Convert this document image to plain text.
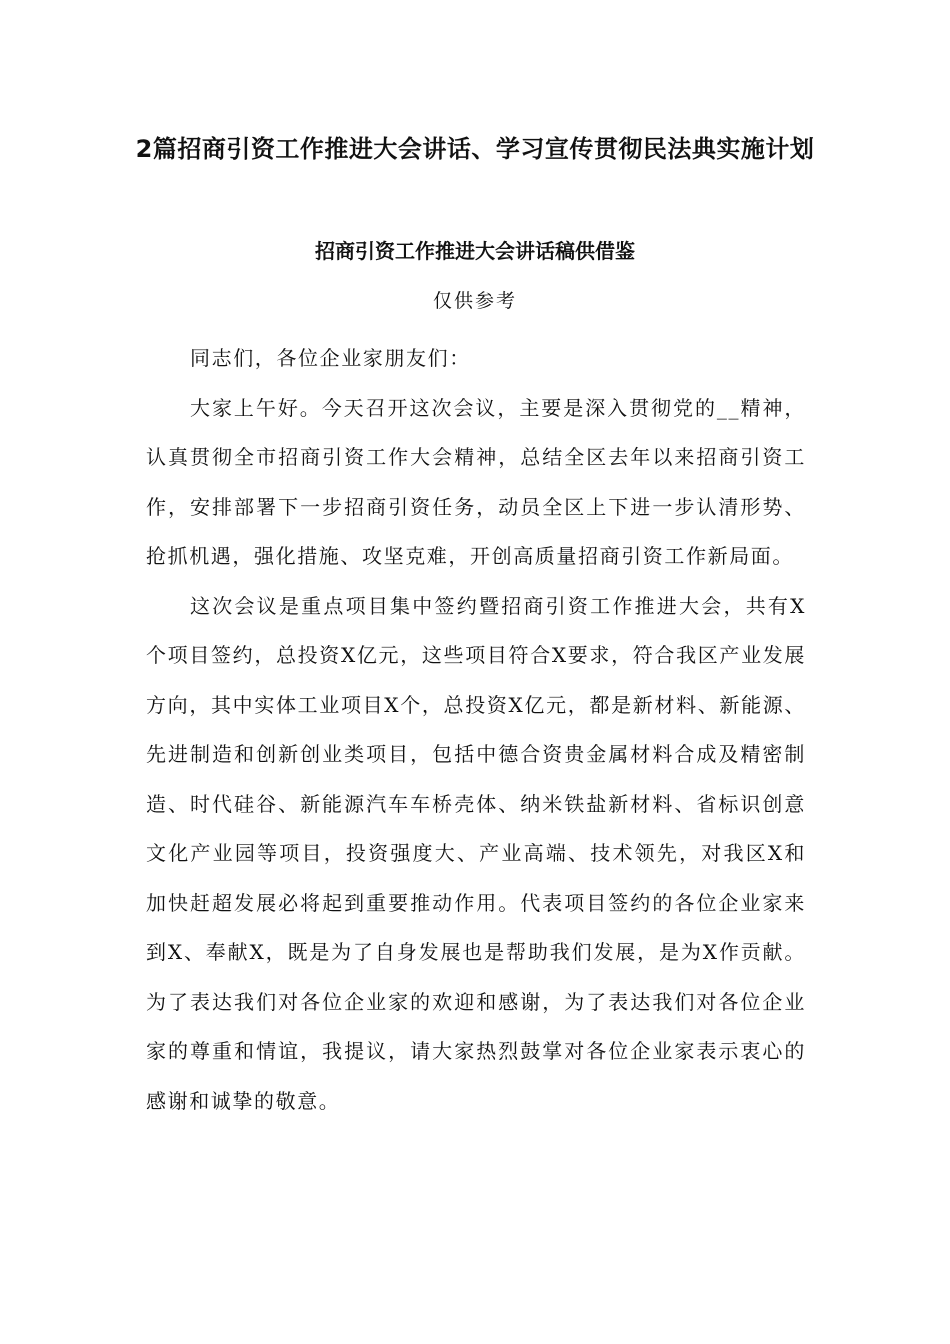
2篇招商引资工作推进大会讲话、学习宣传贯彻民法典实施计划
招商引资工作推进大会讲话稿供借鉴
仅供参考

同志们，各位企业家朋友们：

大家上午好。今天召开这次会议，主要是深入贯彻党的__精神，认真贯彻全市招商引资工作大会精神，总结全区去年以来招商引资工作，安排部署下一步招商引资任务，动员全区上下进一步认清形势、抢抓机遇，强化措施、攻坚克难，开创高质量招商引资工作新局面。

这次会议是重点项目集中签约暨招商引资工作推进大会，共有X个项目签约，总投资X亿元，这些项目符合X要求，符合我区产业发展方向，其中实体工业项目X个，总投资X亿元，都是新材料、新能源、先进制造和创新创业类项目，包括中德合资贵金属材料合成及精密制造、时代硅谷、新能源汽车车桥壳体、纳米铁盐新材料、省标识创意文化产业园等项目，投资强度大、产业高端、技术领先，对我区X和加快赶超发展必将起到重要推动作用。代表项目签约的各位企业家来到X、奉献X，既是为了自身发展也是帮助我们发展，是为X作贡献。为了表达我们对各位企业家的欢迎和感谢，为了表达我们对各位企业家的尊重和情谊，我提议，请大家热烈鼓掌对各位企业家表示衷心的感谢和诚挚的敬意。
